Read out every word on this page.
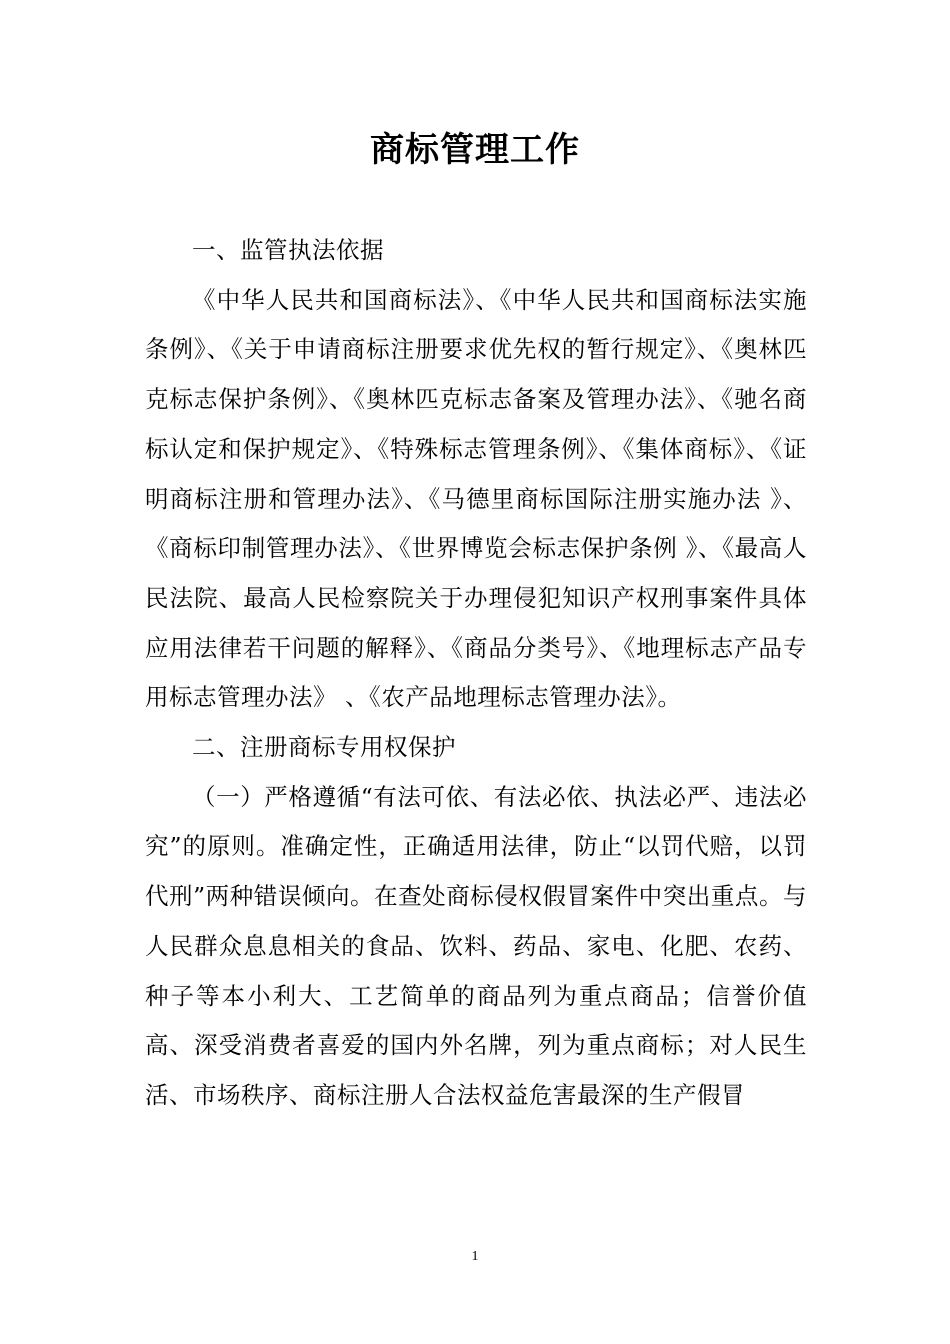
商标管理工作

一、监管执法依据

《中华人民共和国商标法》、《中华人民共和国商标法实施条例》、《关于申请商标注册要求优先权的暂行规定》、《奥林匹克标志保护条例》、《奥林匹克标志备案及管理办法》、《驰名商标认定和保护规定》、《特殊标志管理条例》、《集体商标》、《证明商标注册和管理办法》、《马德里商标国际注册实施办法 》、《商标印制管理办法》、《世界博览会标志保护条例 》、《最高人民法院、最高人民检察院关于办理侵犯知识产权刑事案件具体应用法律若干问题的解释》、《商品分类号》、《地理标志产品专用标志管理办法》 、《农产品地理标志管理办法》。

二、注册商标专用权保护

（一）严格遵循“有法可依、有法必依、执法必严、违法必究”的原则。准确定性，正确适用法律，防止“以罚代赔，以罚代刑”两种错误倾向。在查处商标侵权假冒案件中突出重点。与人民群众息息相关的食品、饮料、药品、家电、化肥、农药、种子等本小利大、工艺简单的商品列为重点商品；信誉价值高、深受消费者喜爱的国内外名牌，列为重点商标；对人民生活、市场秩序、商标注册人合法权益危害最深的生产假冒

1
